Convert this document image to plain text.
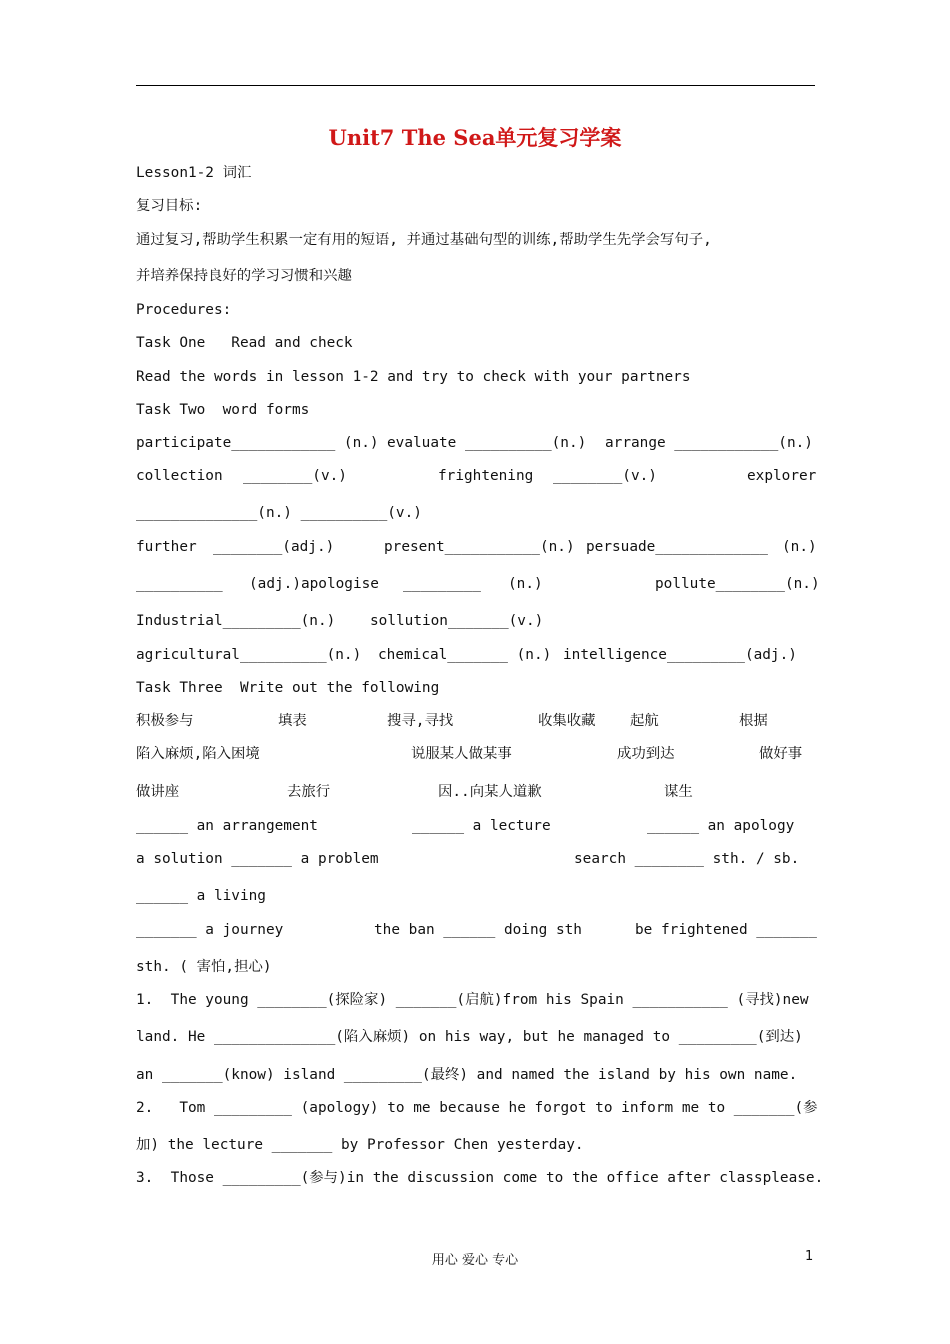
Unit7 The Sea单元复习学案
Lesson1-2 词汇
复习目标:
通过复习,帮助学生积累一定有用的短语, 并通过基础句型的训练,帮助学生先学会写句子,
并培养保持良好的学习习惯和兴趣
Procedures:
Task One   Read and check
Read the words in lesson 1-2 and try to check with your partners
Task Two  word forms
participate____________ (n.) evaluate __________(n.) arrange ____________(n.)
collection ________(v.)	frightening ________(v.)	explorer
______________(n.) __________(v.)
further ________(adj.)	present___________(n.) persuade_____________ (n.)
__________ (adj.)apologise _________ (n.)	pollute________(n.)
Industrial_________(n.) sollution_______(v.)
agricultural__________(n.) chemical_______ (n.) intelligence_________(adj.)
Task Three  Write out the following
积极参与	填表	搜寻,寻找	收集收藏 起航	根据
陷入麻烦,陷入困境	说服某人做某事	成功到达	做好事
做讲座	去旅行	因..向某人道歉	谋生
______ an arrangement	______ a lecture	______ an apology
a solution _______ a problem	search ________ sth. / sb.
______ a living
_______ a journey	the ban ______ doing sth	be frightened _______
sth. ( 害怕,担心)
1.  The young ________(探险家) _______(启航)from his Spain ___________ (寻找)new
land. He ______________(陷入麻烦) on his way, but he managed to _________(到达)
an _______(know) island _________(最终) and named the island by his own name.
2.   Tom _________ (apology) to me because he forgot to inform me to _______(参
加) the lecture _______ by Professor Chen yesterday.
3.  Those _________(参与)in the discussion come to the office after classplease.
用心 爱心 专心	1
